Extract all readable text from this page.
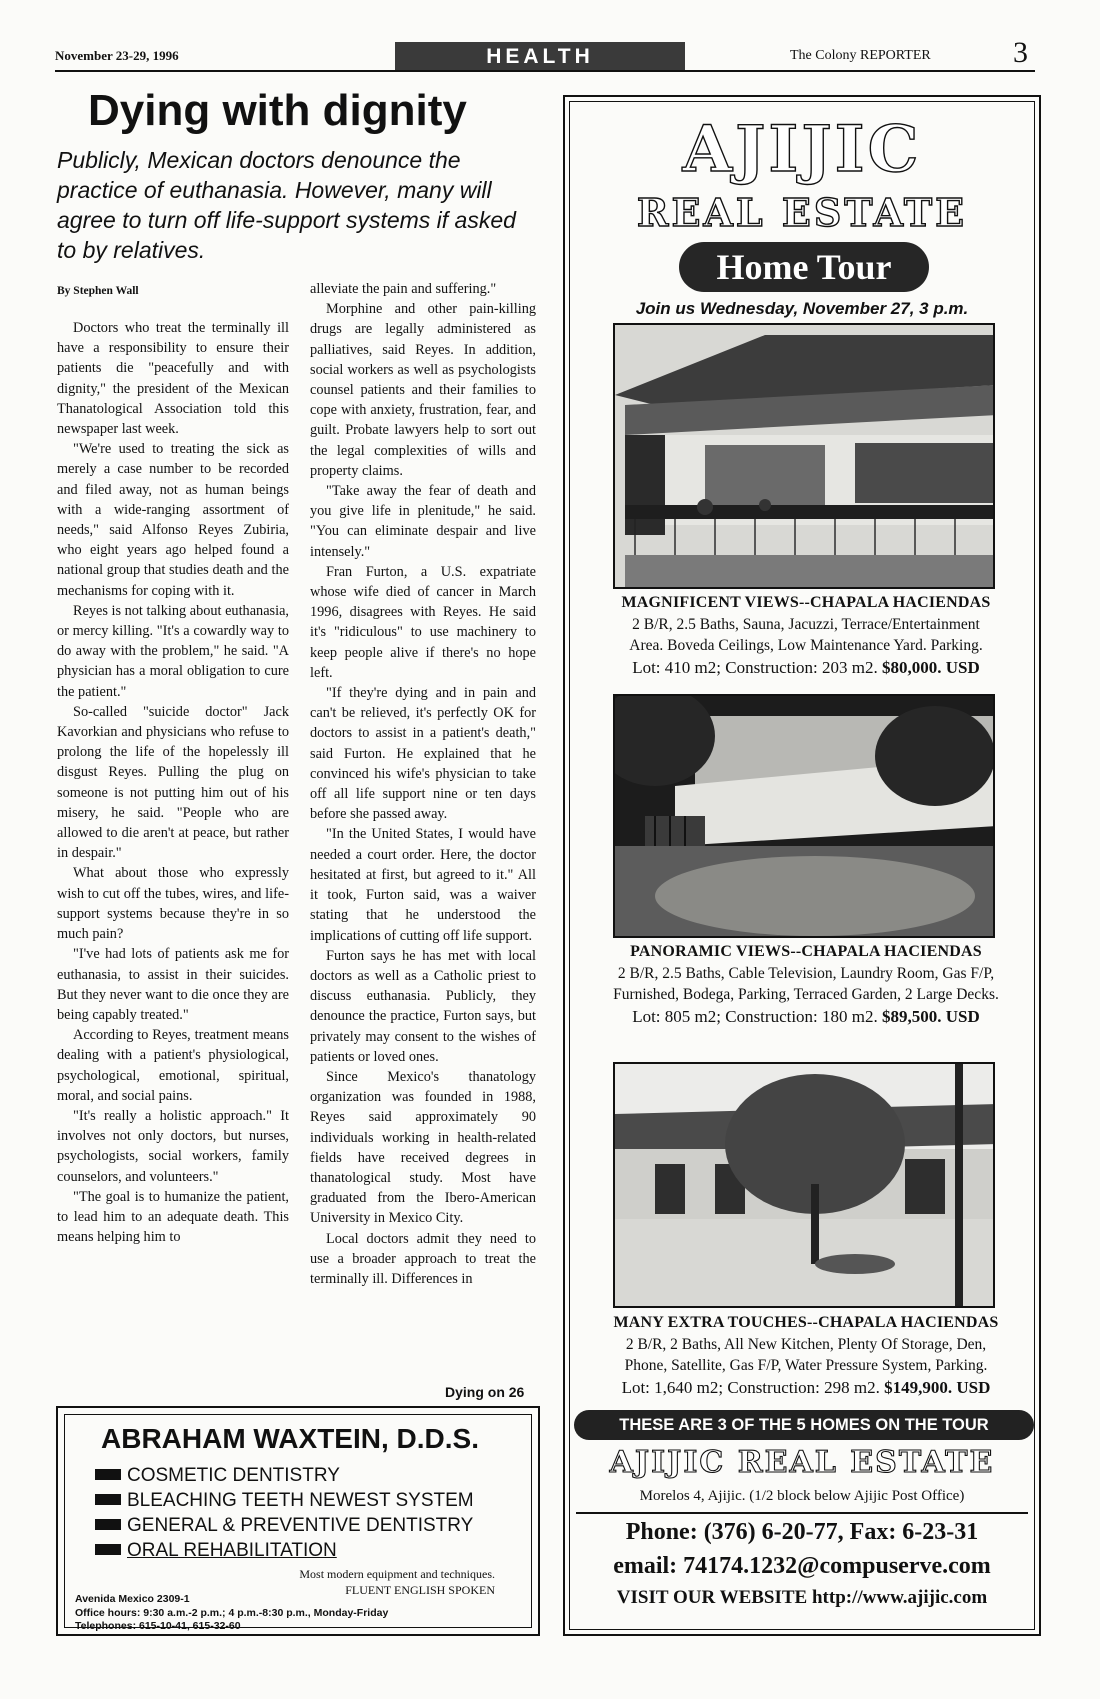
November 23-29, 1996	HEALTH	The Colony REPORTER	3
Dying with dignity
Publicly, Mexican doctors denounce the practice of euthanasia. However, many will agree to turn off life-support systems if asked to by relatives.
By Stephen Wall

Doctors who treat the terminally ill have a responsibility to ensure their patients die "peacefully and with dignity," the president of the Mexican Thanatological Association told this newspaper last week.

"We're used to treating the sick as merely a case number to be recorded and filed away, not as human beings with a wide-ranging assortment of needs," said Alfonso Reyes Zubiria, who eight years ago helped found a national group that studies death and the mechanisms for coping with it.

Reyes is not talking about euthanasia, or mercy killing. "It's a cowardly way to do away with the problem," he said. "A physician has a moral obligation to cure the patient."

So-called "suicide doctor" Jack Kavorkian and physicians who refuse to prolong the life of the hopelessly ill disgust Reyes. Pulling the plug on someone is not putting him out of his misery, he said. "People who are allowed to die aren't at peace, but rather in despair."

What about those who expressly wish to cut off the tubes, wires, and life-support systems because they're in so much pain?

"I've had lots of patients ask me for euthanasia, to assist in their suicides. But they never want to die once they are being capably treated."

According to Reyes, treatment means dealing with a patient's physiological, psychological, emotional, spiritual, moral, and social pains.

"It's really a holistic approach." It involves not only doctors, but nurses, psychologists, social workers, family counselors, and volunteers."

"The goal is to humanize the patient, to lead him to an adequate death. This means helping him to

alleviate the pain and suffering."

Morphine and other pain-killing drugs are legally administered as palliatives, said Reyes. In addition, social workers as well as psychologists counsel patients and their families to cope with anxiety, frustration, fear, and guilt. Probate lawyers help to sort out the legal complexities of wills and property claims.

"Take away the fear of death and you give life in plenitude," he said. "You can eliminate despair and live intensely."

Fran Furton, a U.S. expatriate whose wife died of cancer in March 1996, disagrees with Reyes. He said it's "ridiculous" to use machinery to keep people alive if there's no hope left.

"If they're dying and in pain and can't be relieved, it's perfectly OK for doctors to assist in a patient's death," said Furton. He explained that he convinced his wife's physician to take off all life support nine or ten days before she passed away.

"In the United States, I would have needed a court order. Here, the doctor hesitated at first, but agreed to it." All it took, Furton said, was a waiver stating that he understood the implications of cutting off life support.

Furton says he has met with local doctors as well as a Catholic priest to discuss euthanasia. Publicly, they denounce the practice, Furton says, but privately may consent to the wishes of patients or loved ones.

Since Mexico's thanatology organization was founded in 1988, Reyes said approximately 90 individuals working in health-related fields have received degrees in thanatological study. Most have graduated from the Ibero-American University in Mexico City.

Local doctors admit they need to use a broader approach to treat the terminally ill. Differences in

Dying on 26
ABRAHAM WAXTEIN, D.D.S.
COSMETIC DENTISTRY
BLEACHING TEETH NEWEST SYSTEM
GENERAL & PREVENTIVE DENTISTRY
ORAL REHABILITATION
Most modern equipment and techniques.
FLUENT ENGLISH SPOKEN
Avenida Mexico 2309-1
Office hours: 9:30 a.m.-2 p.m.; 4 p.m.-8:30 p.m., Monday-Friday
Telephones: 615-10-41, 615-32-60
AJIJIC
REAL ESTATE
Home Tour
Join us Wednesday, November 27, 3 p.m.
MAGNIFICENT VIEWS--CHAPALA HACIENDAS
2 B/R, 2.5 Baths, Sauna, Jacuzzi, Terrace/Entertainment
Area. Boveda Ceilings, Low Maintenance Yard. Parking.
Lot: 410 m2; Construction: 203 m2. $80,000. USD
PANORAMIC VIEWS--CHAPALA HACIENDAS
2 B/R, 2.5 Baths, Cable Television, Laundry Room, Gas F/P,
Furnished, Bodega, Parking, Terraced Garden, 2 Large Decks.
Lot: 805 m2; Construction: 180 m2. $89,500. USD
MANY EXTRA TOUCHES--CHAPALA HACIENDAS
2 B/R, 2 Baths, All New Kitchen, Plenty Of Storage, Den,
Phone, Satellite, Gas F/P, Water Pressure System, Parking.
Lot: 1,640 m2; Construction: 298 m2. $149,900. USD
THESE ARE 3 OF THE 5 HOMES ON THE TOUR
AJIJIC REAL ESTATE
Morelos 4, Ajijic. (1/2 block below Ajijic Post Office)
Phone: (376) 6-20-77, Fax: 6-23-31
email: 74174.1232@compuserve.com
VISIT OUR WEBSITE http://www.ajijic.com
